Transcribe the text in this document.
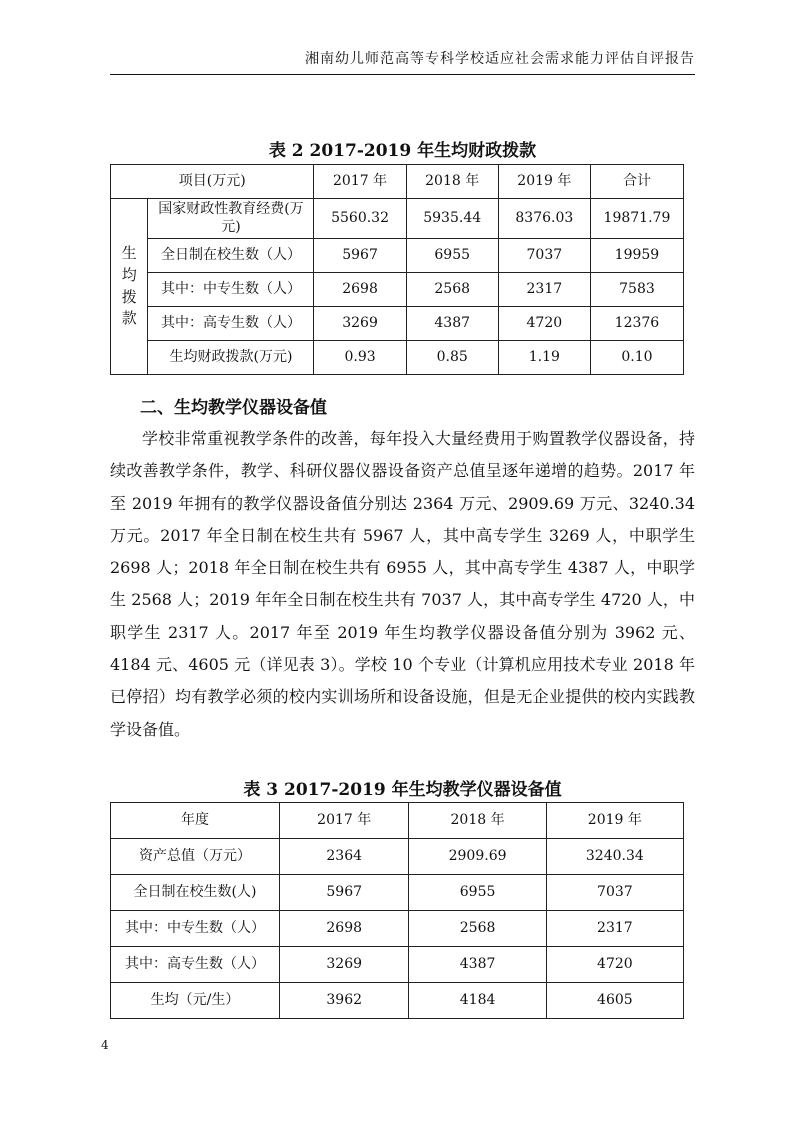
湘南幼儿师范高等专科学校适应社会需求能力评估自评报告
表 2 2017-2019 年生均财政拨款
项目(万元)		2017 年	2018 年	2019 年	合计

生
均
拨
款	国家财政性教育经费(万元)	5560.32	5935.44	8376.03	19871.79
	全日制在校生数（人）	5967	6955	7037	19959
	其中：中专生数（人）	2698	2568	2317	7583
	其中：高专生数（人）	3269	4387	4720	12376
	生均财政拨款(万元)	0.93	0.85	1.19	0.10
二、生均教学仪器设备值

学校非常重视教学条件的改善，每年投入大量经费用于购置教学仪器设备，持续改善教学条件，教学、科研仪器仪器设备资产总值呈逐年递增的趋势。2017 年至 2019 年拥有的教学仪器设备值分别达 2364 万元、2909.69 万元、3240.34 万元。2017 年全日制在校生共有 5967 人，其中高专学生 3269 人，中职学生 2698 人；2018 年全日制在校生共有 6955 人，其中高专学生 4387 人，中职学生 2568 人；2019 年年全日制在校生共有 7037 人，其中高专学生 4720 人，中职学生 2317 人。2017 年至 2019 年生均教学仪器设备值分别为 3962 元、4184 元、4605 元（详见表 3）。学校 10 个专业（计算机应用技术专业 2018 年已停招）均有教学必须的校内实训场所和设备设施，但是无企业提供的校内实践教学设备值。

表 3 2017-2019 年生均教学仪器设备值
年度	2017 年	2018 年	2019 年
资产总值（万元）	2364	2909.69	3240.34
全日制在校生数(人)	5967	6955	7037
其中：中专生数（人）	2698	2568	2317
其中：高专生数（人）	3269	4387	4720
生均（元/生）	3962	4184	4605
4
